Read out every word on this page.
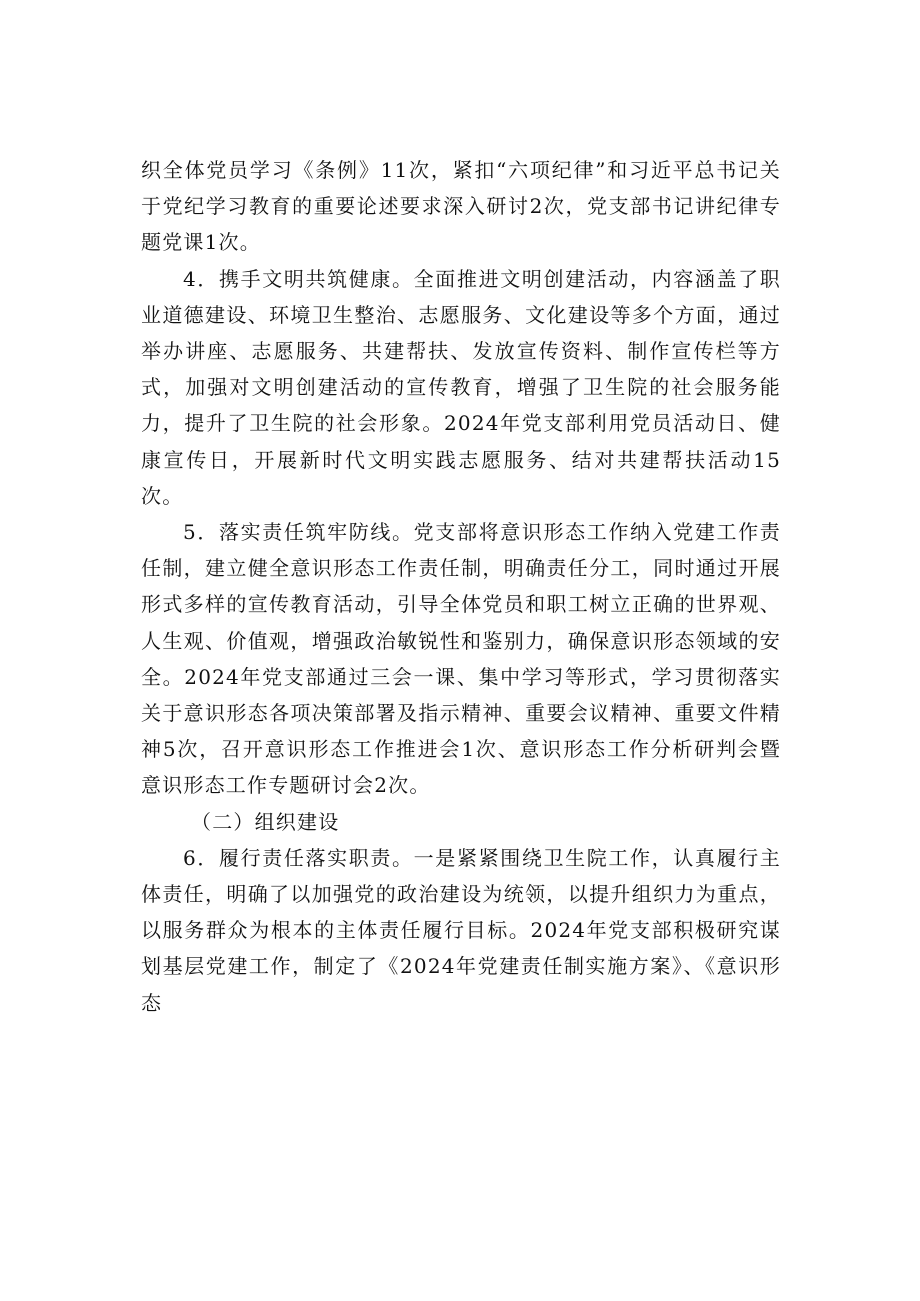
织全体党员学习《条例》11次，紧扣“六项纪律”和习近平总书记关于党纪学习教育的重要论述要求深入研讨2次，党支部书记讲纪律专题党课1次。

4．携手文明共筑健康。全面推进文明创建活动，内容涵盖了职业道德建设、环境卫生整治、志愿服务、文化建设等多个方面，通过举办讲座、志愿服务、共建帮扶、发放宣传资料、制作宣传栏等方式，加强对文明创建活动的宣传教育，增强了卫生院的社会服务能力，提升了卫生院的社会形象。2024年党支部利用党员活动日、健康宣传日，开展新时代文明实践志愿服务、结对共建帮扶活动15次。

5．落实责任筑牢防线。党支部将意识形态工作纳入党建工作责任制，建立健全意识形态工作责任制，明确责任分工，同时通过开展形式多样的宣传教育活动，引导全体党员和职工树立正确的世界观、人生观、价值观，增强政治敏锐性和鉴别力，确保意识形态领域的安全。2024年党支部通过三会一课、集中学习等形式，学习贯彻落实关于意识形态各项决策部署及指示精神、重要会议精神、重要文件精神5次，召开意识形态工作推进会1次、意识形态工作分析研判会暨意识形态工作专题研讨会2次。

（二）组织建设

6．履行责任落实职责。一是紧紧围绕卫生院工作，认真履行主体责任，明确了以加强党的政治建设为统领，以提升组织力为重点，以服务群众为根本的主体责任履行目标。2024年党支部积极研究谋划基层党建工作，制定了《2024年党建责任制实施方案》、《意识形态
